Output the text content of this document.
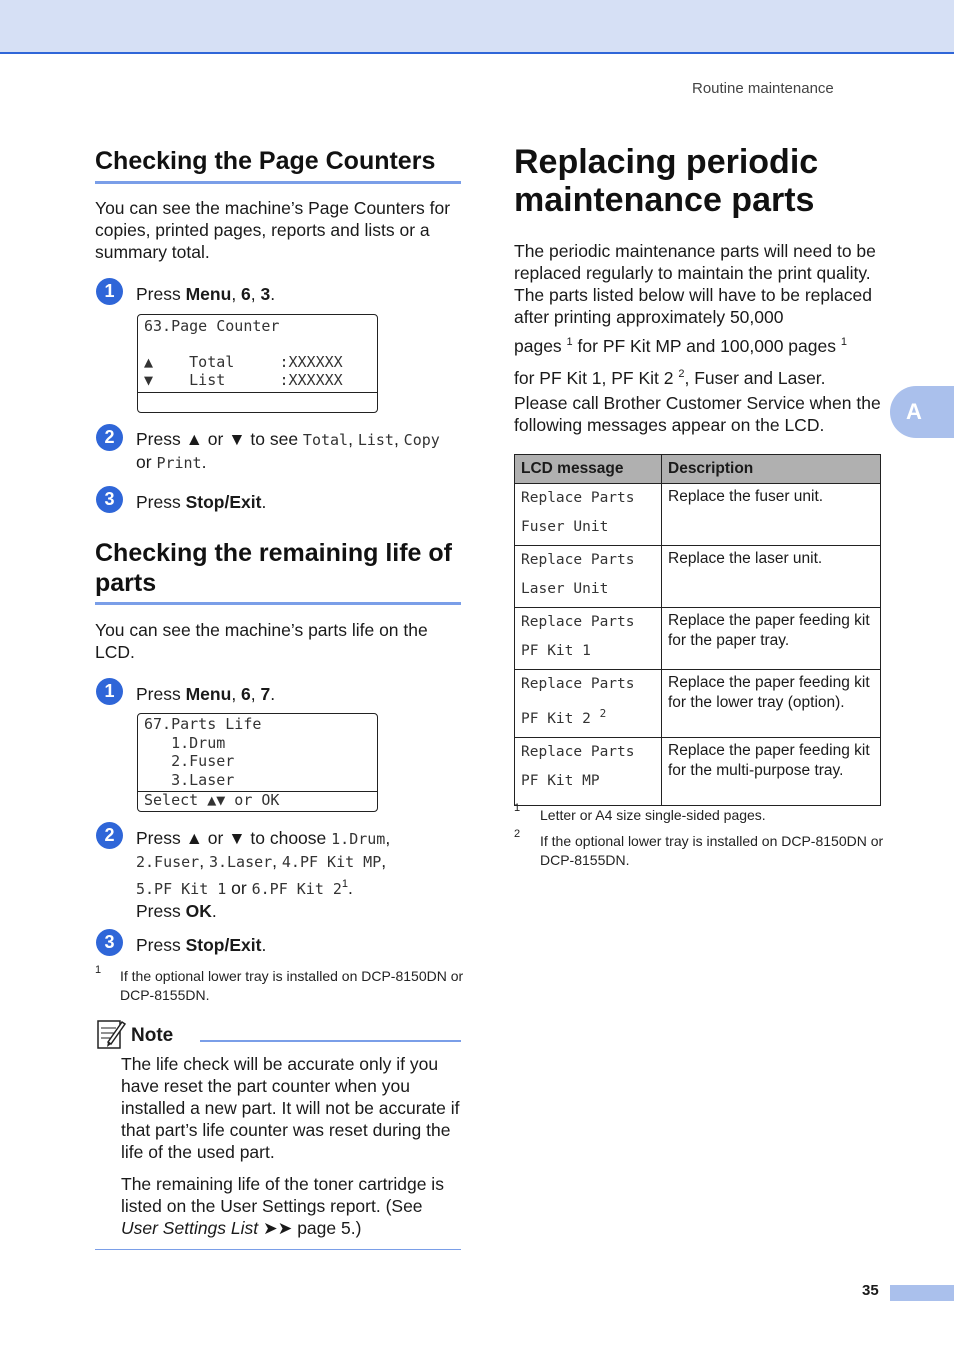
Routine maintenance
A
Checking the Page Counters
You can see the machine’s Page Counters for copies, printed pages, reports and lists or a summary total.
1	Press Menu, 6, 3.
63.Page Counter
▲    Total     :XXXXXX
▼    List      :XXXXXX
2	Press ▲ or ▼ to see Total, List, Copy
or Print.
3	Press Stop/Exit.
Checking the remaining life of
parts
You can see the machine’s parts life on the LCD.
1	Press Menu, 6, 7.
67.Parts Life
1.Drum
2.Fuser
3.Laser
Select ▲▼ or OK
2	Press ▲ or ▼ to choose 1.Drum,
2.Fuser, 3.Laser, 4.PF Kit MP,
5.PF Kit 1 or 6.PF Kit $2^1$.
Press OK.
3	Press Stop/Exit.
1 If the optional lower tray is installed on DCP-8150DN or DCP-8155DN.
Note
The life check will be accurate only if you have reset the part counter when you installed a new part. It will not be accurate if that part’s life counter was reset during the life of the used part.
The remaining life of the toner cartridge is listed on the User Settings report. (See User Settings List ➤➤ page 5.)
Replacing periodic
maintenance parts
The periodic maintenance parts will need to be replaced regularly to maintain the print quality. The parts listed below will have to be replaced after printing approximately 50,000
pages $^1$ for PF Kit MP and 100,000 pages $^1$
for PF Kit 1, PF Kit 2 $^2$, Fuser and Laser.
Please call Brother Customer Service when the following messages appear on the LCD.
LCD message	Description
Replace Parts
Fuser Unit	Replace the fuser unit.
Replace Parts
Laser Unit	Replace the laser unit.
Replace Parts
PF Kit 1	Replace the paper feeding kit for the paper tray.
Replace Parts
PF Kit 2 $^2$	Replace the paper feeding kit for the lower tray (option).
Replace Parts
PF Kit MP	Replace the paper feeding kit for the multi-purpose tray.
1 Letter or A4 size single-sided pages.
2 If the optional lower tray is installed on DCP-8150DN or DCP-8155DN.
35
